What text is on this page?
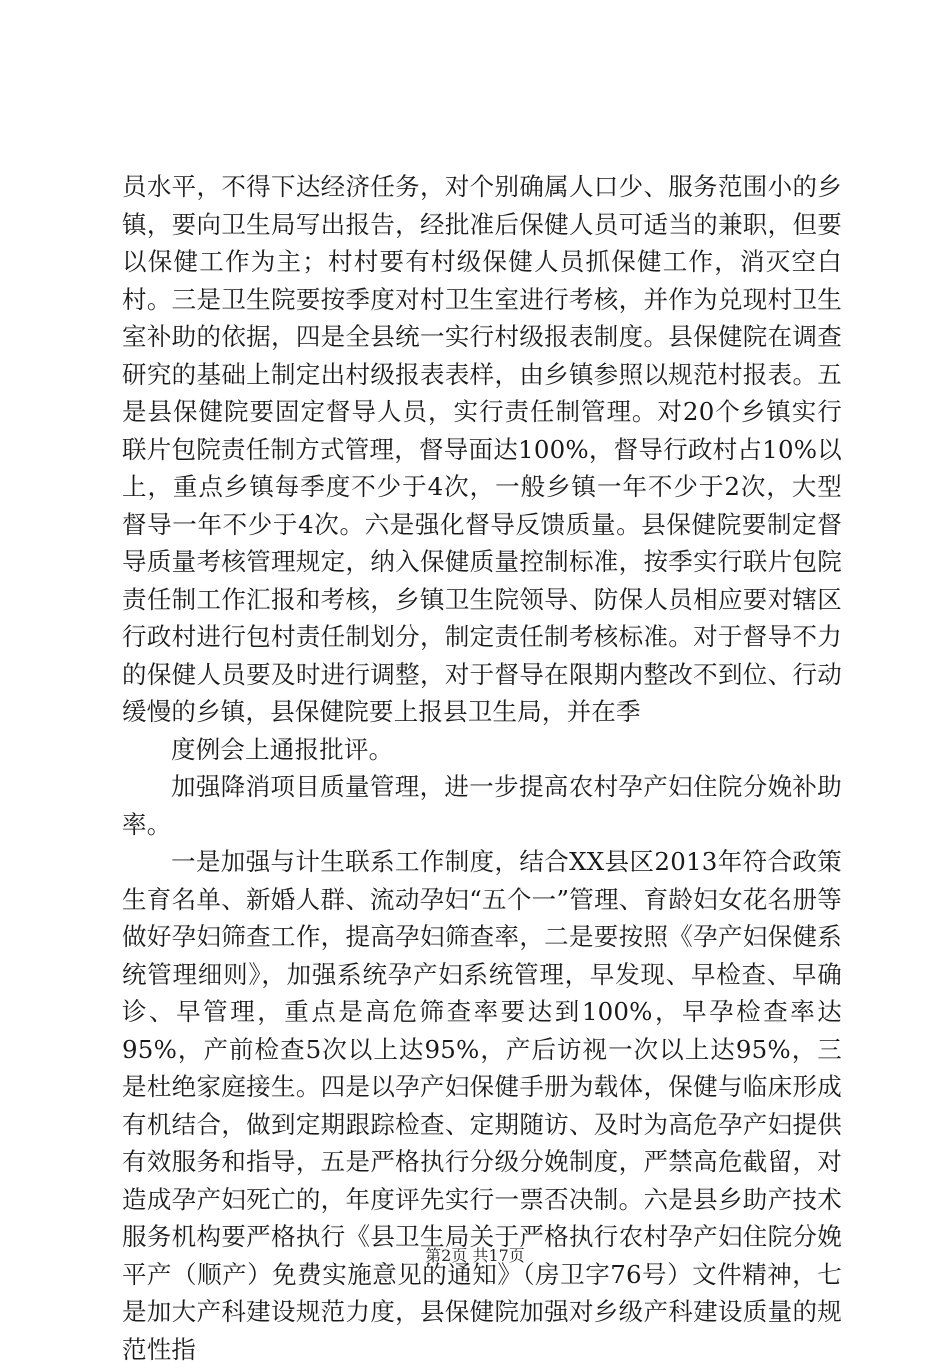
员水平，不得下达经济任务，对个别确属人口少、服务范围小的乡镇，要向卫生局写出报告，经批准后保健人员可适当的兼职，但要以保健工作为主；村村要有村级保健人员抓保健工作，消灭空白村。三是卫生院要按季度对村卫生室进行考核，并作为兑现村卫生室补助的依据，四是全县统一实行村级报表制度。县保健院在调查研究的基础上制定出村级报表表样，由乡镇参照以规范村报表。五是县保健院要固定督导人员，实行责任制管理。对20个乡镇实行联片包院责任制方式管理，督导面达100%，督导行政村占10%以上，重点乡镇每季度不少于4次，一般乡镇一年不少于2次，大型督导一年不少于4次。六是强化督导反馈质量。县保健院要制定督导质量考核管理规定，纳入保健质量控制标准，按季实行联片包院责任制工作汇报和考核，乡镇卫生院领导、防保人员相应要对辖区行政村进行包村责任制划分，制定责任制考核标准。对于督导不力的保健人员要及时进行调整，对于督导在限期内整改不到位、行动缓慢的乡镇，县保健院要上报县卫生局，并在季

度例会上通报批评。

加强降消项目质量管理，进一步提高农村孕产妇住院分娩补助率。

一是加强与计生联系工作制度，结合XX县区2013年符合政策生育名单、新婚人群、流动孕妇“五个一”管理、育龄妇女花名册等做好孕妇筛查工作，提高孕妇筛查率，二是要按照《孕产妇保健系统管理细则》，加强系统孕产妇系统管理，早发现、早检查、早确诊、早管理，重点是高危筛查率要达到100%，早孕检查率达95%，产前检查5次以上达95%，产后访视一次以上达95%，三是杜绝家庭接生。四是以孕产妇保健手册为载体，保健与临床形成有机结合，做到定期跟踪检查、定期随访、及时为高危孕产妇提供有效服务和指导，五是严格执行分级分娩制度，严禁高危截留，对造成孕产妇死亡的，年度评先实行一票否决制。六是县乡助产技术服务机构要严格执行《县卫生局关于严格执行农村孕产妇住院分娩平产（顺产）免费实施意见的通知》（房卫字76号）文件精神，七是加大产科建设规范力度，县保健院加强对乡级产科建设质量的规范性指

第2页 共17页
